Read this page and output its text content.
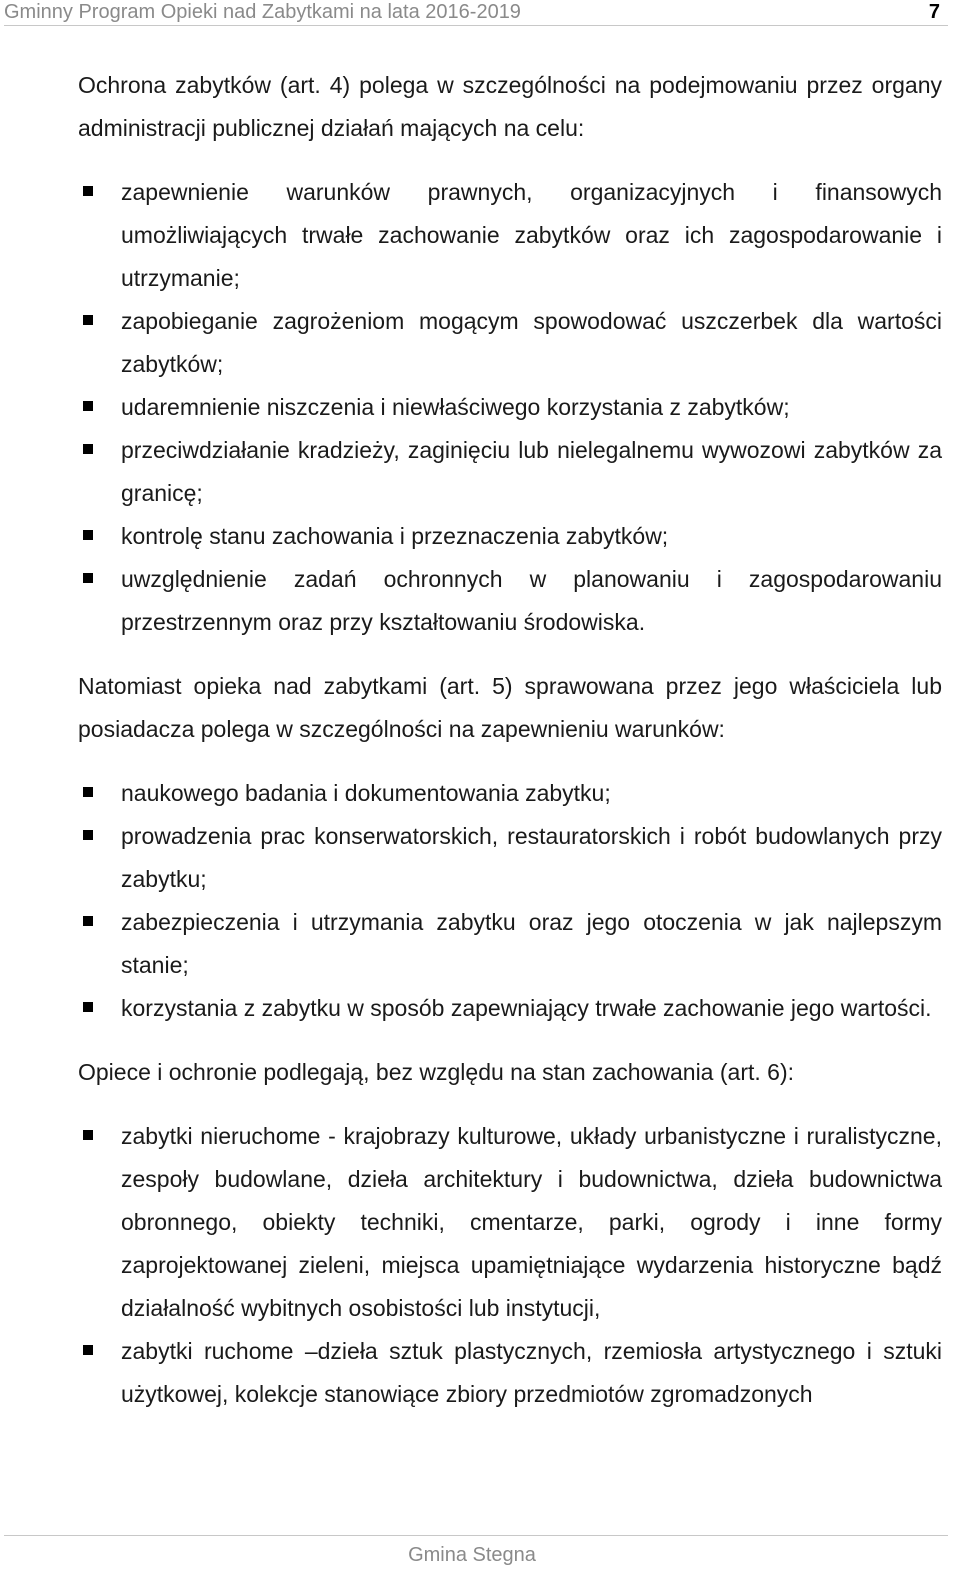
Gminny Program Opieki nad Zabytkami na lata 2016-2019	7

Ochrona zabytków (art. 4) polega w szczególności na podejmowaniu przez organy administracji publicznej działań mających na celu:

zapewnienie warunków prawnych, organizacyjnych i finansowych umożliwiających trwałe zachowanie zabytków oraz ich zagospodarowanie i utrzymanie;
zapobieganie zagrożeniom mogącym spowodować uszczerbek dla wartości zabytków;
udaremnienie niszczenia i niewłaściwego korzystania z zabytków;
przeciwdziałanie kradzieży, zaginięciu lub nielegalnemu wywozowi zabytków za granicę;
kontrolę stanu zachowania i przeznaczenia zabytków;
uwzględnienie zadań ochronnych w planowaniu i zagospodarowaniu przestrzennym oraz przy kształtowaniu środowiska.

Natomiast opieka nad zabytkami (art. 5) sprawowana przez jego właściciela lub posiadacza polega w szczególności na zapewnieniu warunków:

naukowego badania i dokumentowania zabytku;
prowadzenia prac konserwatorskich, restauratorskich i robót budowlanych przy zabytku;
zabezpieczenia i utrzymania zabytku oraz jego otoczenia w jak najlepszym stanie;
korzystania z zabytku w sposób zapewniający trwałe zachowanie jego wartości.

Opiece i ochronie podlegają, bez względu na stan zachowania (art. 6):

zabytki nieruchome - krajobrazy kulturowe, układy urbanistyczne i ruralistyczne, zespoły budowlane, dzieła architektury i budownictwa, dzieła budownictwa obronnego, obiekty techniki, cmentarze, parki, ogrody i inne formy zaprojektowanej zieleni, miejsca upamiętniające wydarzenia historyczne bądź działalność wybitnych osobistości lub instytucji,
zabytki ruchome –dzieła sztuk plastycznych, rzemiosła artystycznego i sztuki użytkowej, kolekcje stanowiące zbiory przedmiotów zgromadzonych
Gmina Stegna
